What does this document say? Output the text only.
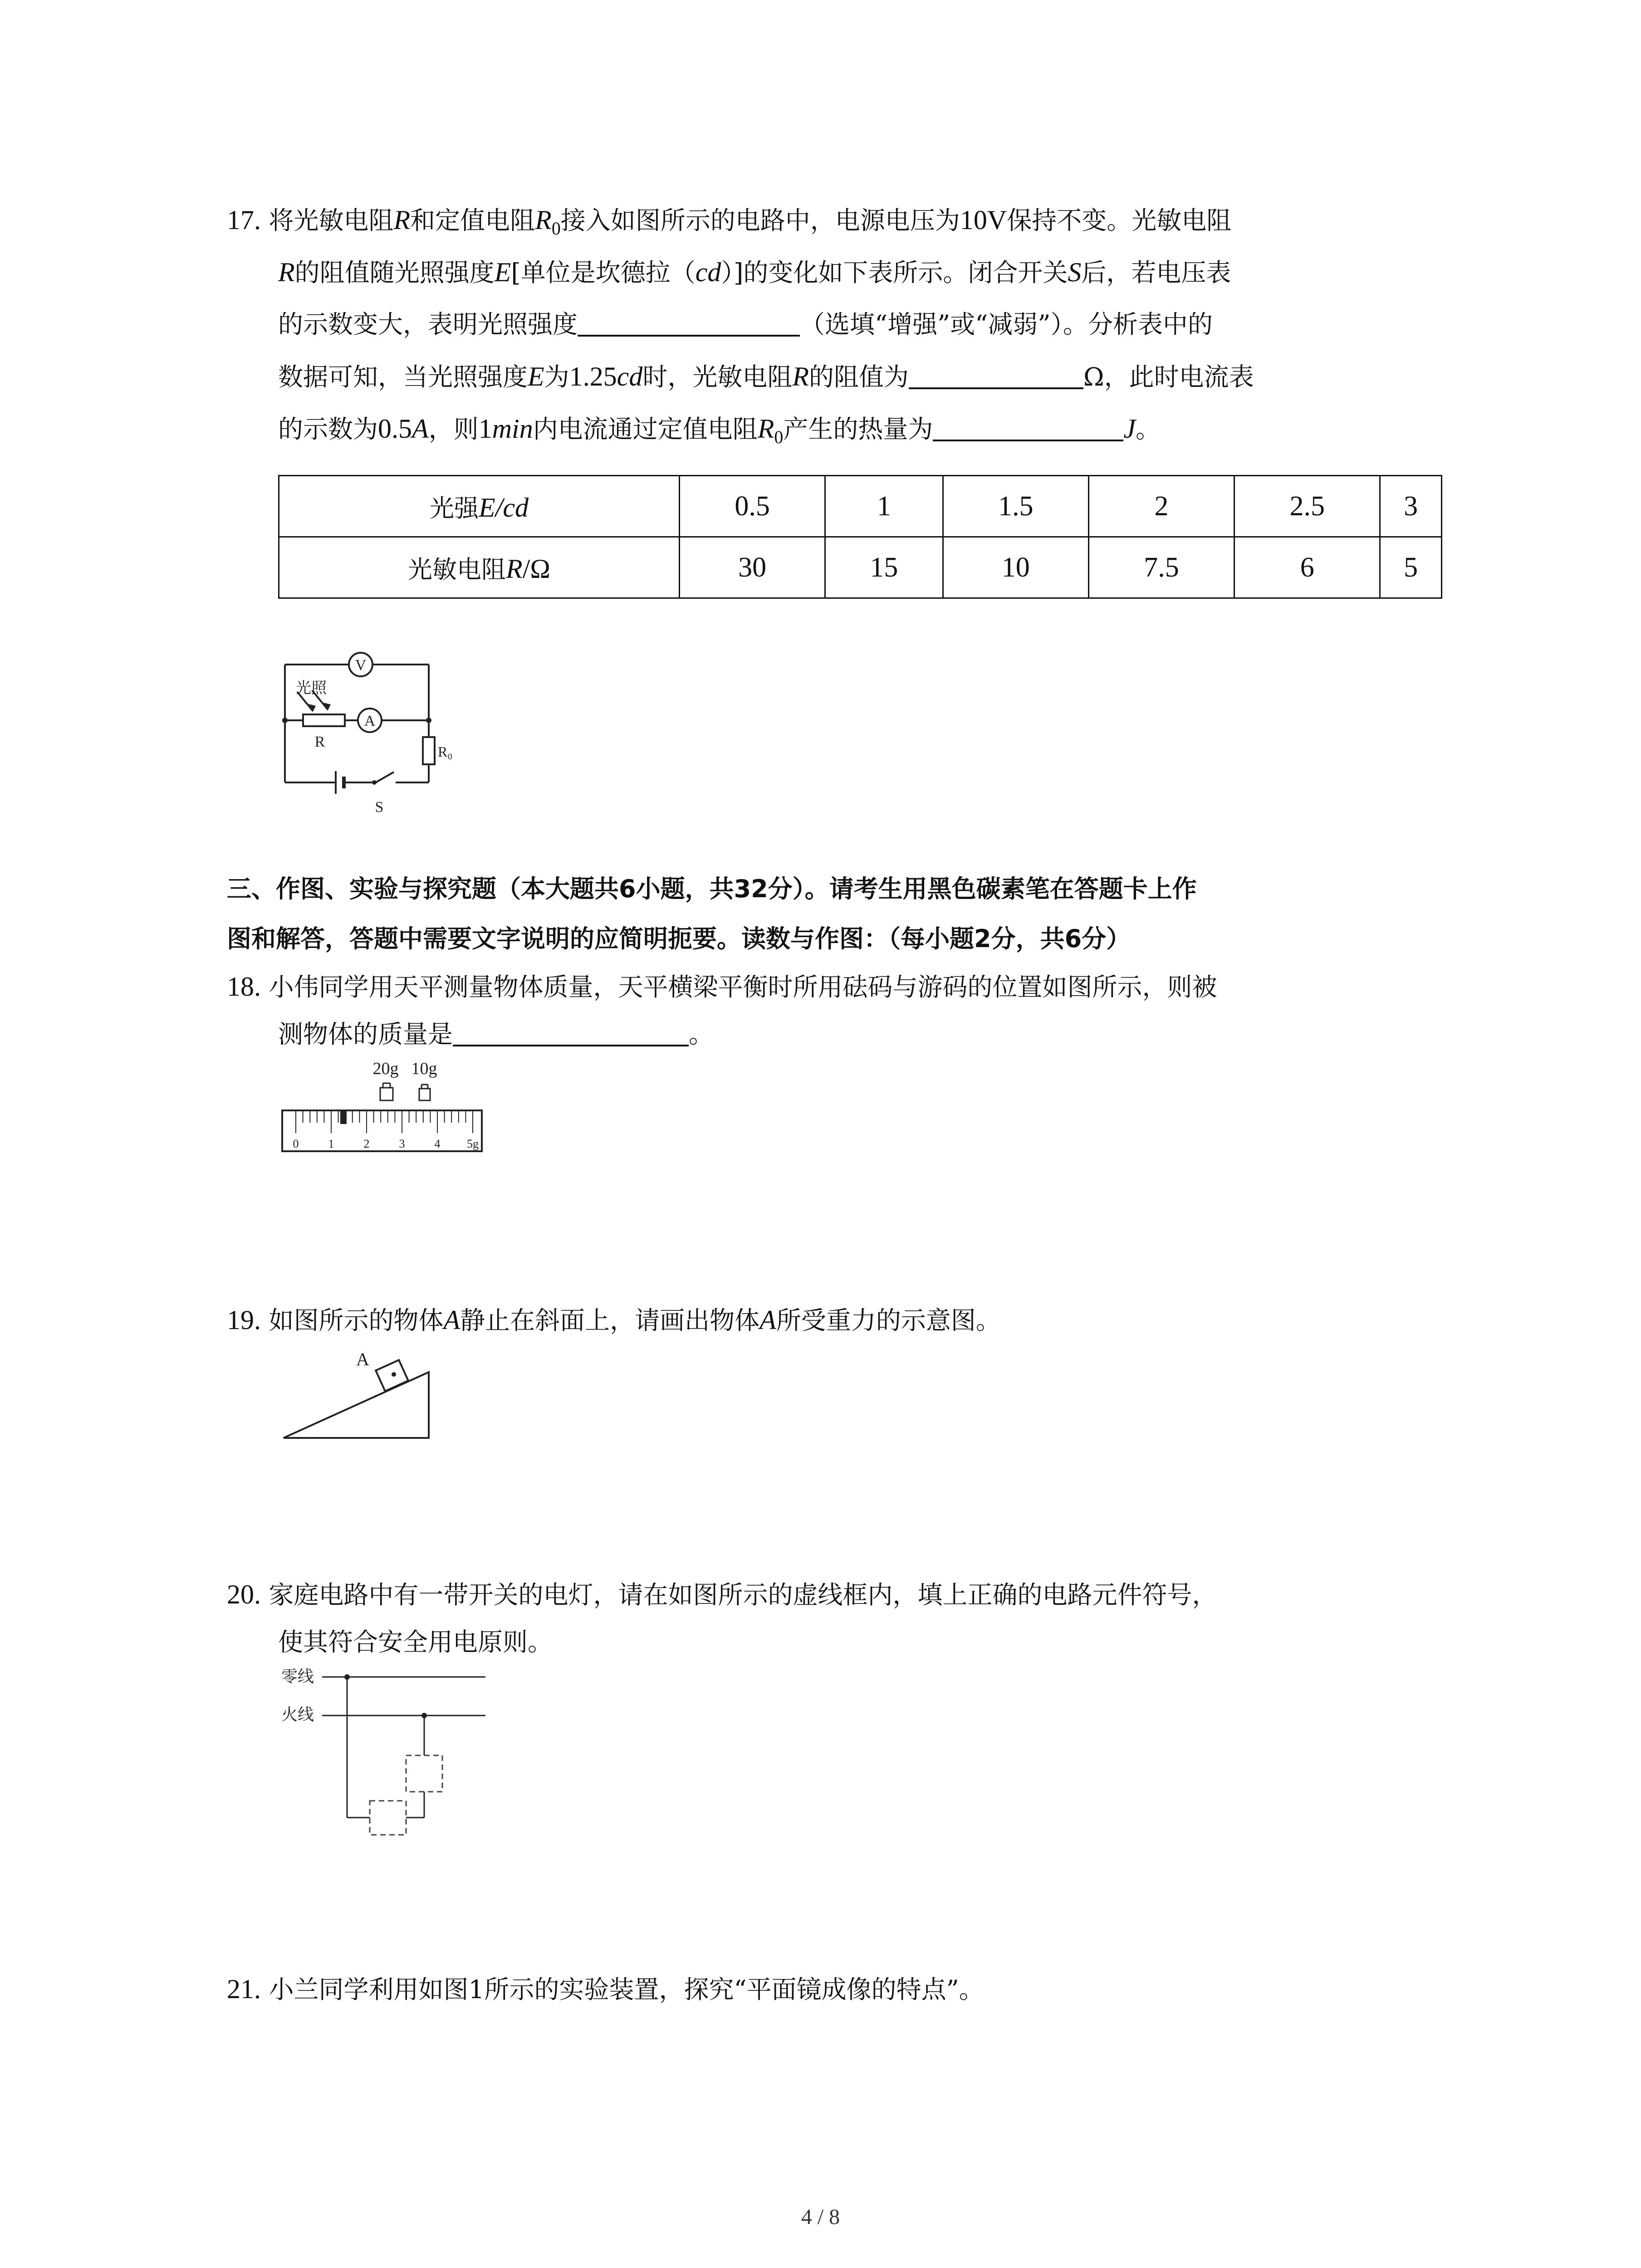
17. 将光敏电阻R和定值电阻$R_0$接入如图所示的电路中，电源电压为10V保持不变。光敏电阻
R的阻值随光照强度E[单位是坎德拉（cd）]的变化如下表所示。闭合开关S后，若电压表
的示数变大，表明光照强度	（选填“增强”或“减弱”）。分析表中的
数据可知，当光照强度E为1.25cd时，光敏电阻R的阻值为	Ω，此时电流表
的示数为0.5A，则1min内电流通过定值电阻$R_0$产生的热量为	J。
光强E/cd	0.5	1	1.5	2	2.5	3
光敏电阻R/Ω	30	15	10	7.5	6	5
光照
V
A
R
R₀
S
三、作图、实验与探究题（本大题共6小题，共32分）。请考生用黑色碳素笔在答题卡上作
图和解答，答题中需要文字说明的应简明扼要。读数与作图：（每小题2分，共6分）
18. 小伟同学用天平测量物体质量，天平横梁平衡时所用砝码与游码的位置如图所示，则被
测物体的质量是	。
20g 10g
0	1	2	3	4 5g
19. 如图所示的物体A静止在斜面上，请画出物体A所受重力的示意图。
A
20. 家庭电路中有一带开关的电灯，请在如图所示的虚线框内，填上正确的电路元件符号，
使其符合安全用电原则。
零线
火线
21. 小兰同学利用如图1所示的实验装置，探究“平面镜成像的特点”。
4 / 8
